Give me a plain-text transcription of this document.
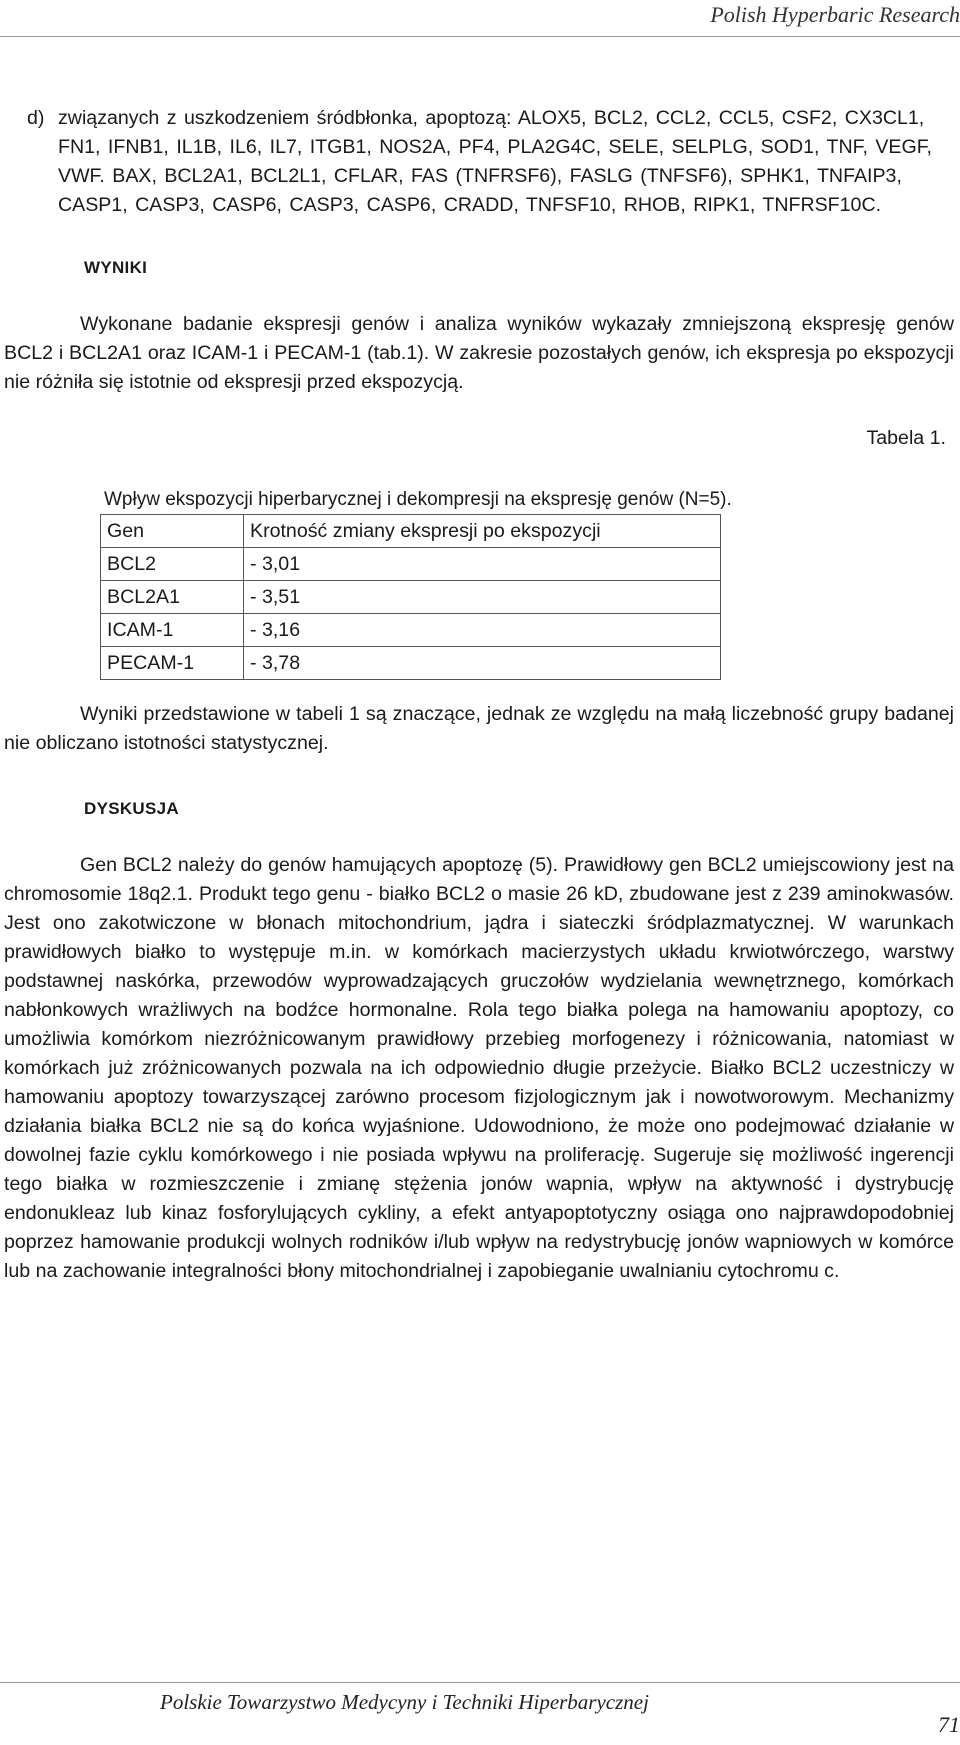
Polish Hyperbaric Research

d) związanych z uszkodzeniem śródbłonka, apoptozą: ALOX5, BCL2, CCL2, CCL5, CSF2, CX3CL1, FN1, IFNB1, IL1B, IL6, IL7, ITGB1, NOS2A, PF4, PLA2G4C, SELE, SELPLG, SOD1, TNF, VEGF, VWF. BAX, BCL2A1, BCL2L1, CFLAR, FAS (TNFRSF6), FASLG (TNFSF6), SPHK1, TNFAIP3, CASP1, CASP3, CASP6, CASP3, CASP6, CRADD, TNFSF10, RHOB, RIPK1, TNFRSF10C.

WYNIKI

Wykonane badanie ekspresji genów i analiza wyników wykazały zmniejszoną ekspresję genów BCL2 i BCL2A1 oraz ICAM-1 i PECAM-1 (tab.1). W zakresie pozostałych genów, ich ekspresja po ekspozycji nie różniła się istotnie od ekspresji przed ekspozycją.

Tabela 1.

Wpływ ekspozycji hiperbarycznej i dekompresji na ekspresję genów (N=5).

Gen	Krotność zmiany ekspresji po ekspozycji
BCL2	- 3,01
BCL2A1	- 3,51
ICAM-1	- 3,16
PECAM-1	- 3,78

Wyniki przedstawione w tabeli 1 są znaczące, jednak ze względu na małą liczebność grupy badanej nie obliczano istotności statystycznej.

DYSKUSJA

Gen BCL2 należy do genów hamujących apoptozę (5). Prawidłowy gen BCL2 umiejscowiony jest na chromosomie 18q2.1. Produkt tego genu - białko BCL2 o masie 26 kD, zbudowane jest z 239 aminokwasów. Jest ono zakotwiczone w błonach mitochondrium, jądra i siateczki śródplazmatycznej. W warunkach prawidłowych białko to występuje m.in. w komórkach macierzystych układu krwiotwórczego, warstwy podstawnej naskórka, przewodów wyprowadzających gruczołów wydzielania wewnętrznego, komórkach nabłonkowych wrażliwych na bodźce hormonalne. Rola tego białka polega na hamowaniu apoptozy, co umożliwia komórkom niezróżnicowanym prawidłowy przebieg morfogenezy i różnicowania, natomiast w komórkach już zróżnicowanych pozwala na ich odpowiednio długie przeżycie. Białko BCL2 uczestniczy w hamowaniu apoptozy towarzyszącej zarówno procesom fizjologicznym jak i nowotworowym. Mechanizmy działania białka BCL2 nie są do końca wyjaśnione. Udowodniono, że może ono podejmować działanie w dowolnej fazie cyklu komórkowego i nie posiada wpływu na proliferację. Sugeruje się możliwość ingerencji tego białka w rozmieszczenie i zmianę stężenia jonów wapnia, wpływ na aktywność i dystrybucję endonukleaz lub kinaz fosforylujących cykliny, a efekt antyapoptotyczny osiąga ono najprawdopodobniej poprzez hamowanie produkcji wolnych rodników i/lub wpływ na redystrybucję jonów wapniowych w komórce lub na zachowanie integralności błony mitochondrialnej i zapobieganie uwalnianiu cytochromu c.

Polskie Towarzystwo Medycyny i Techniki Hiperbarycznej
71
